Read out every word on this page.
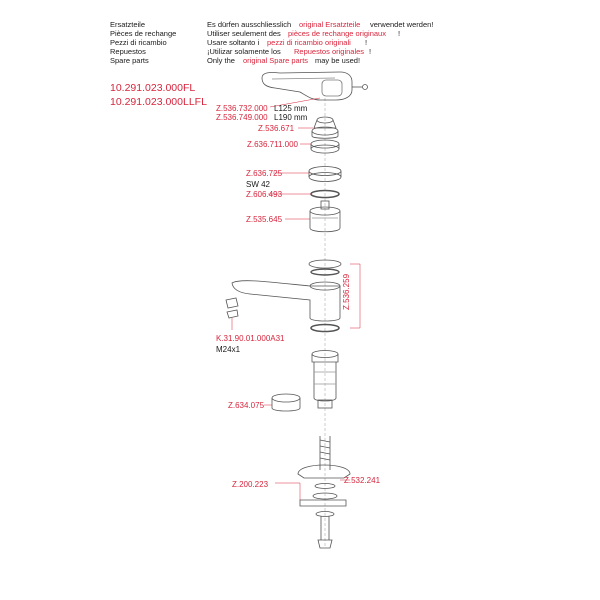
Ersatzteile	Es dürfen ausschliesslich original Ersatzteile verwendet werden!
Pièces de rechange	Utiliser seulement des pièces de rechange originaux !
Pezzi di ricambio	Usare soltanto i pezzi di ricambio originali !
Repuestos	¡Utilizar solamente los Repuestos originales !
Spare parts	Only the original Spare parts may be used!
10.291.023.000FL
10.291.023.000LLFL
Z.536.732.000 L125 mm
Z.536.749.000 L190 mm
Z.536.671
Z.636.711.000
Z.636.725
SW 42
Z.606.493
Z.535.645
Z.536.259
K.31.90.01.000A31
M24x1
Z.634.075
Z.200.223	Z.532.241
